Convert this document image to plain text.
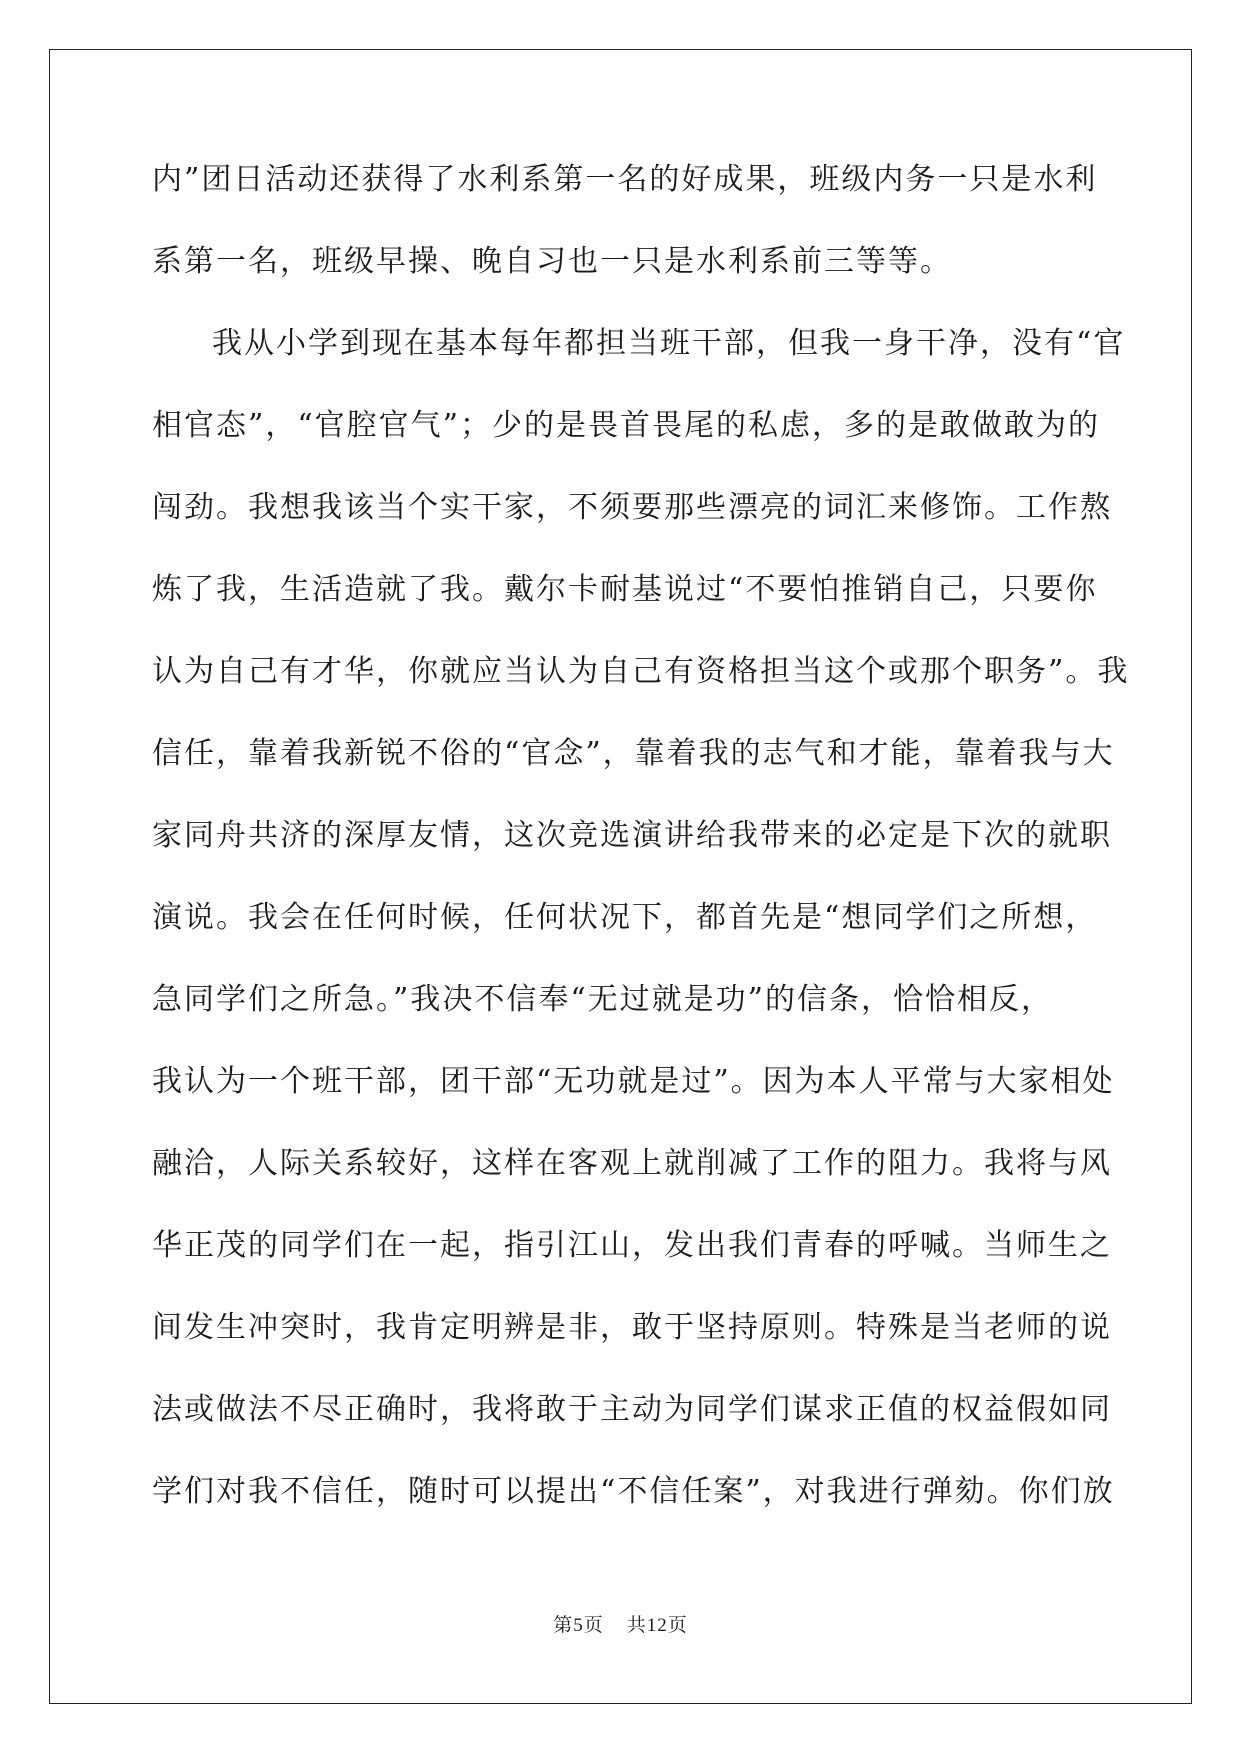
内”团日活动还获得了水利系第一名的好成果，班级内务一只是水利
系第一名，班级早操、晚自习也一只是水利系前三等等。
我从小学到现在基本每年都担当班干部，但我一身干净，没有“官
相官态”，“官腔官气”；少的是畏首畏尾的私虑，多的是敢做敢为的
闯劲。我想我该当个实干家，不须要那些漂亮的词汇来修饰。工作熬
炼了我，生活造就了我。戴尔卡耐基说过“不要怕推销自己，只要你
认为自己有才华，你就应当认为自己有资格担当这个或那个职务”。我
信任，靠着我新锐不俗的“官念”，靠着我的志气和才能，靠着我与大
家同舟共济的深厚友情，这次竞选演讲给我带来的必定是下次的就职
演说。我会在任何时候，任何状况下，都首先是“想同学们之所想，
急同学们之所急。”我决不信奉“无过就是功”的信条，恰恰相反，
我认为一个班干部，团干部“无功就是过”。因为本人平常与大家相处
融洽，人际关系较好，这样在客观上就削减了工作的阻力。我将与风
华正茂的同学们在一起，指引江山，发出我们青春的呼喊。当师生之
间发生冲突时，我肯定明辨是非，敢于坚持原则。特殊是当老师的说
法或做法不尽正确时，我将敢于主动为同学们谋求正值的权益假如同
学们对我不信任，随时可以提出“不信任案”，对我进行弹劾。你们放
第5页 共12页
